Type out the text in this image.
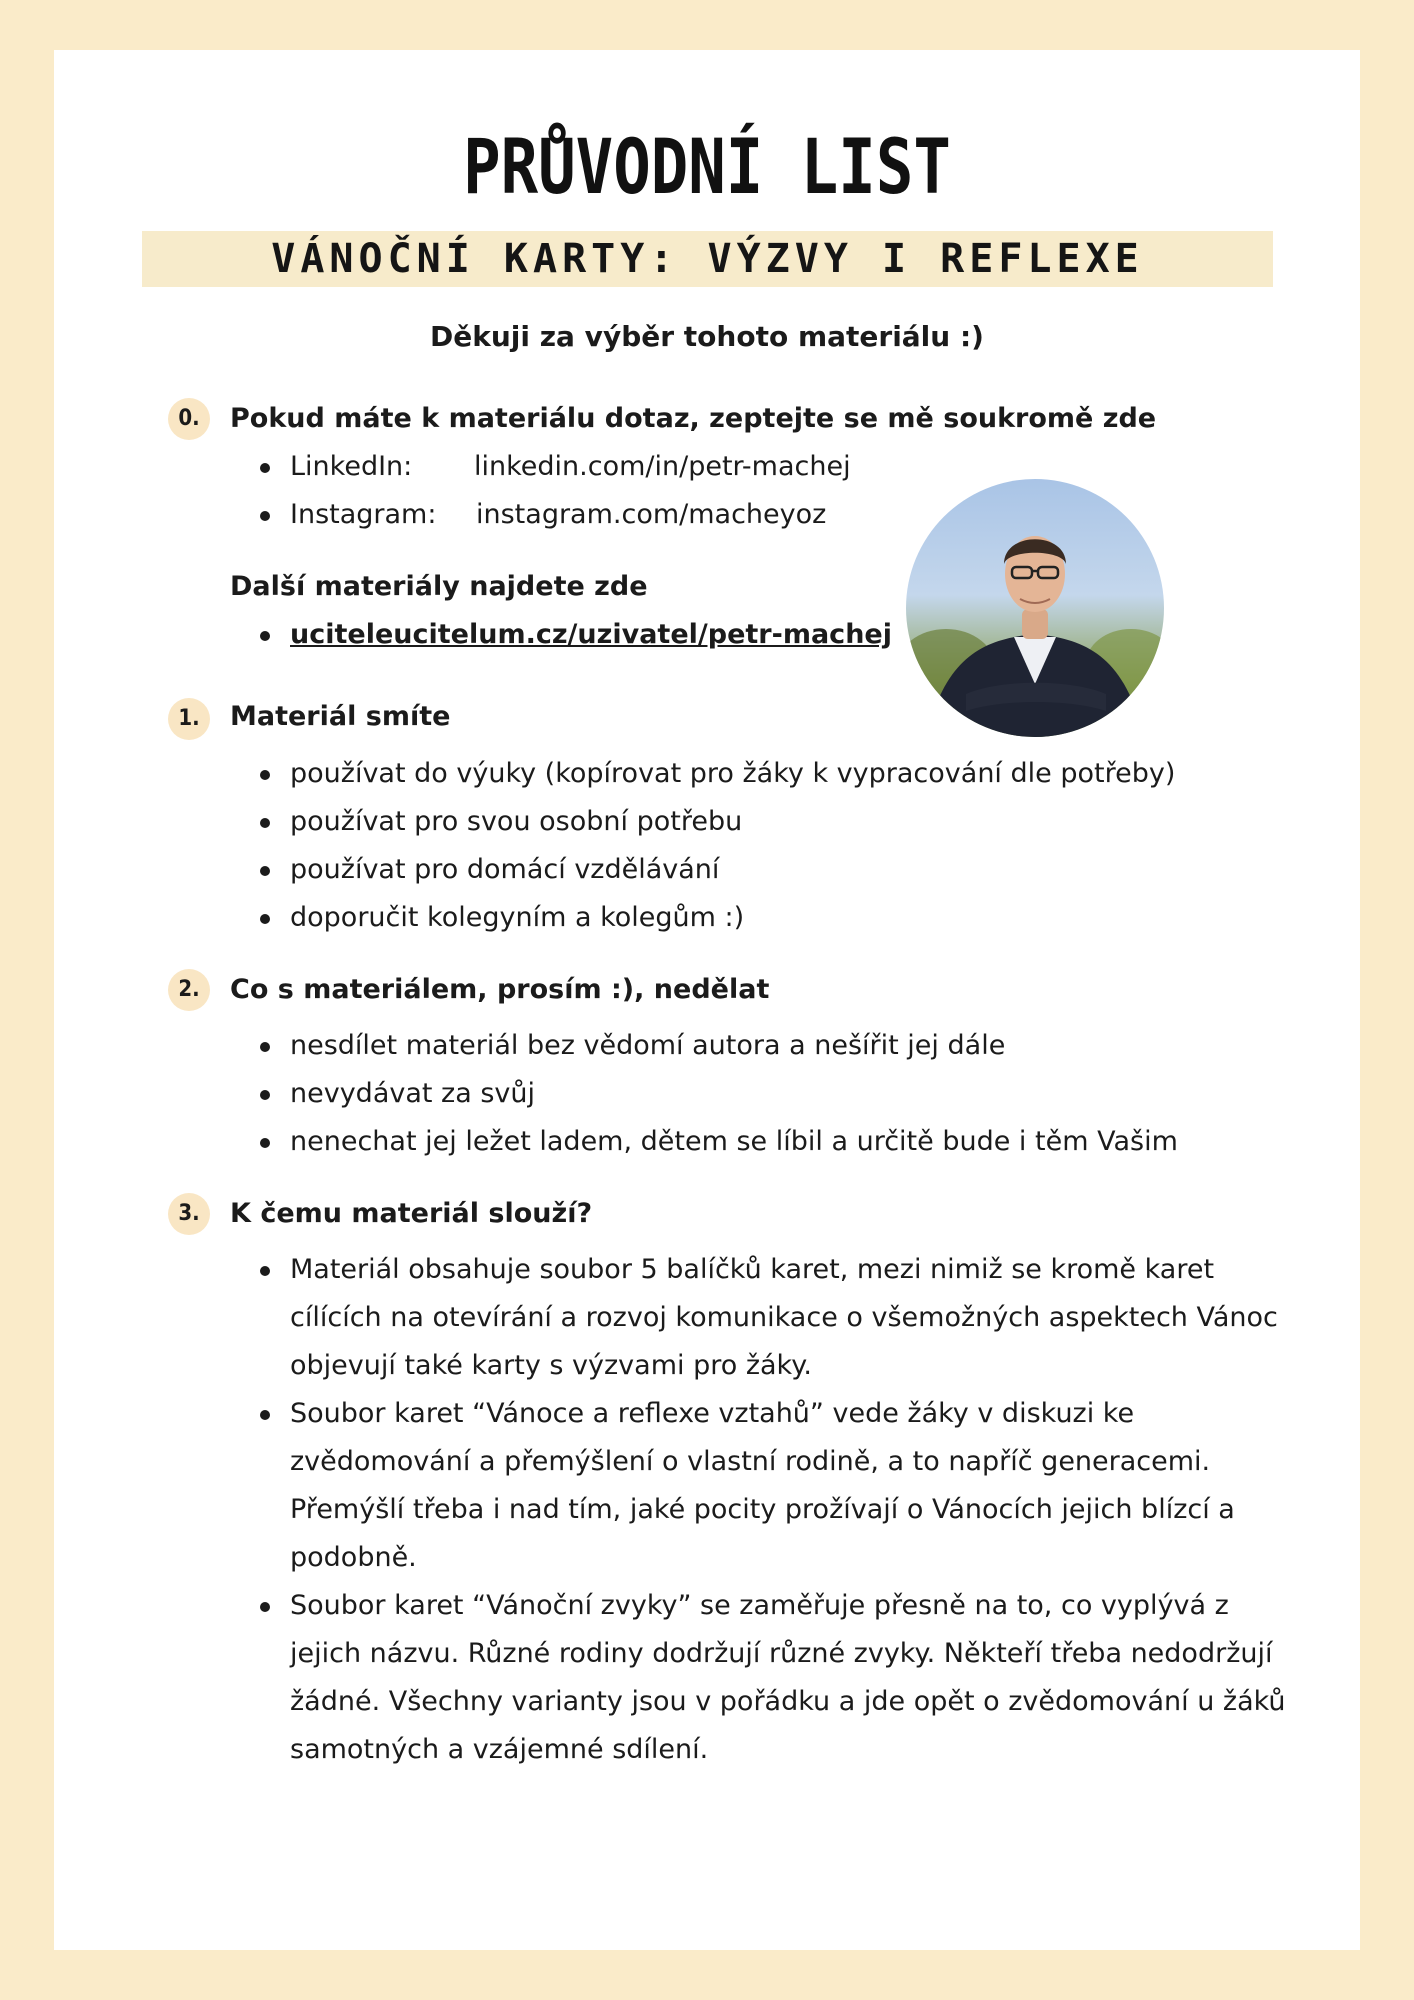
PRŮVODNÍ LIST
VÁNOČNÍ KARTY: VÝZVY I REFLEXE
Děkuji za výběr tohoto materiálu :)
0.	Pokud máte k materiálu dotaz, zeptejte se mě soukromě zde
LinkedIn: linkedin.com/in/petr-machej
Instagram: instagram.com/macheyoz
Další materiály najdete zde
uciteleucitelum.cz/uzivatel/petr-machej
1.	Materiál smíte
používat do výuky (kopírovat pro žáky k vypracování dle potřeby)
používat pro svou osobní potřebu
používat pro domácí vzdělávání
doporučit kolegyním a kolegům :)
2.	Co s materiálem, prosím :), nedělat
nesdílet materiál bez vědomí autora a nešířit jej dále
nevydávat za svůj
nenechat jej ležet ladem, dětem se líbil a určitě bude i těm Vašim
3.	K čemu materiál slouží?
Materiál obsahuje soubor 5 balíčků karet, mezi nimiž se kromě karet cílících na otevírání a rozvoj komunikace o všemožných aspektech Vánoc objevují také karty s výzvami pro žáky.
Soubor karet “Vánoce a reflexe vztahů” vede žáky v diskuzi ke zvědomování a přemýšlení o vlastní rodině, a to napříč generacemi. Přemýšlí třeba i nad tím, jaké pocity prožívají o Vánocích jejich blízcí a podobně.
Soubor karet “Vánoční zvyky” se zaměřuje přesně na to, co vyplývá z jejich názvu. Různé rodiny dodržují různé zvyky. Někteří třeba nedodržují žádné. Všechny varianty jsou v pořádku a jde opět o zvědomování u žáků samotných a vzájemné sdílení.
